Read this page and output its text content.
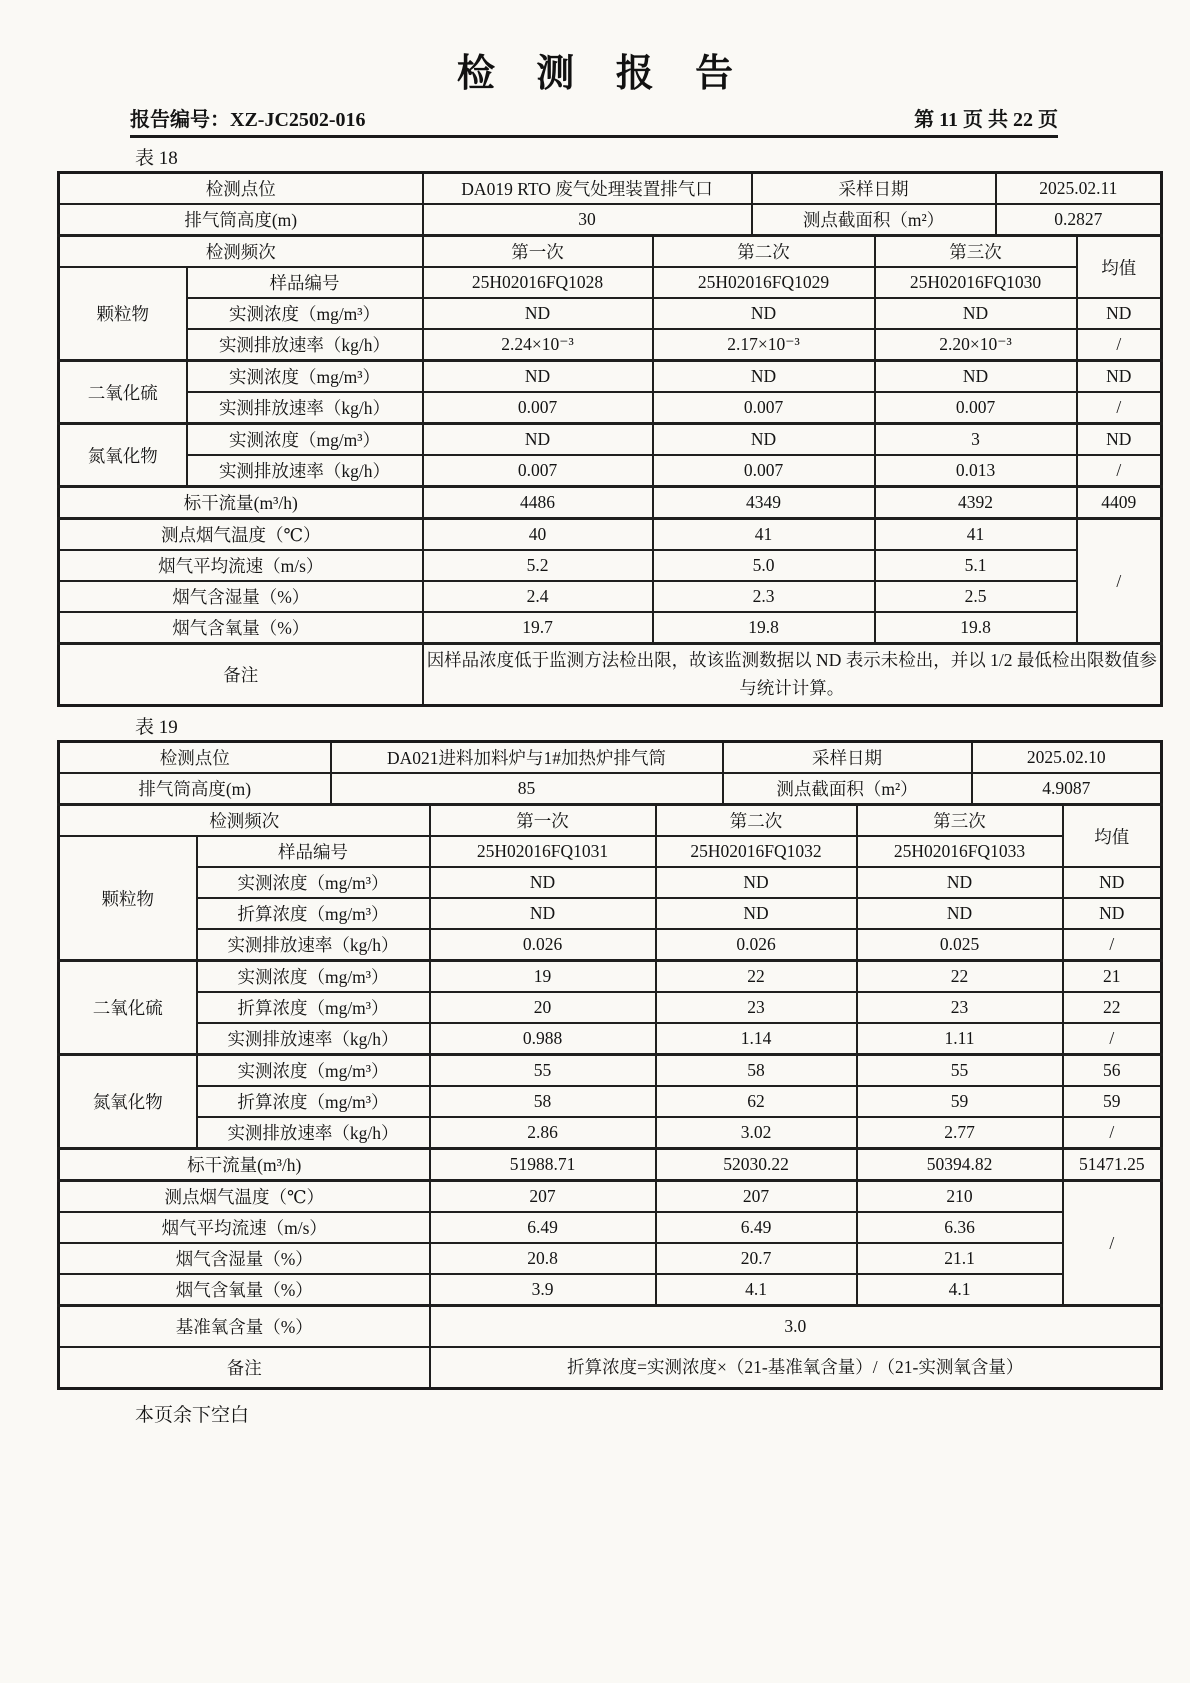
检 测 报 告
报告编号：XZ-JC2502-016	第 11 页 共 22 页
表 18
检测点位		DA019 RTO 废气处理装置排气口		采样日期		2025.02.11	
排气筒高度(m)		30		测点截面积（m²）		0.2827	
检测频次		第一次	第二次		第三次		均值
颗粒物	样品编号	25H02016FQ1028	25H02016FQ1029		25H02016FQ1030		
	实测浓度（mg/m³）	ND	ND		ND		ND
	实测排放速率（kg/h）	2.24×10⁻³	2.17×10⁻³		2.20×10⁻³		/
二氧化硫	实测浓度（mg/m³）	ND	ND		ND		ND
	实测排放速率（kg/h）	0.007	0.007		0.007		/
氮氧化物	实测浓度（mg/m³）	ND	ND		3		ND
	实测排放速率（kg/h）	0.007	0.007		0.013		/
标干流量(m³/h)		4486	4349		4392		4409
测点烟气温度（℃）		40	41		41		/
烟气平均流速（m/s）		5.2	5.0		5.1		
烟气含湿量（%）		2.4	2.3		2.5		
烟气含氧量（%）		19.7	19.8		19.8		
备注		因样品浓度低于监测方法检出限，故该监测数据以 ND 表示未检出，并以 1/2 最低检出限数值参与统计计算。					
表 19
检测点位		DA021进料加料炉与1#加热炉排气筒			采样日期		2025.02.10	
排气筒高度(m)		85			测点截面积（m²）		4.9087	
检测频次			第一次	第二次		第三次		均值
颗粒物	样品编号		25H02016FQ1031	25H02016FQ1032		25H02016FQ1033		
	实测浓度（mg/m³）		ND	ND		ND		ND
	折算浓度（mg/m³）		ND	ND		ND		ND
	实测排放速率（kg/h）		0.026	0.026		0.025		/
二氧化硫	实测浓度（mg/m³）		19	22		22		21
	折算浓度（mg/m³）		20	23		23		22
	实测排放速率（kg/h）		0.988	1.14		1.11		/
氮氧化物	实测浓度（mg/m³）		55	58		55		56
	折算浓度（mg/m³）		58	62		59		59
	实测排放速率（kg/h）		2.86	3.02		2.77		/
标干流量(m³/h)			51988.71	52030.22		50394.82		51471.25
测点烟气温度（℃）			207	207		210		/
烟气平均流速（m/s）			6.49	6.49		6.36		
烟气含湿量（%）			20.8	20.7		21.1		
烟气含氧量（%）			3.9	4.1		4.1		
基准氧含量（%）			3.0					
备注			折算浓度=实测浓度×（21-基准氧含量）/（21-实测氧含量）					
本页余下空白
